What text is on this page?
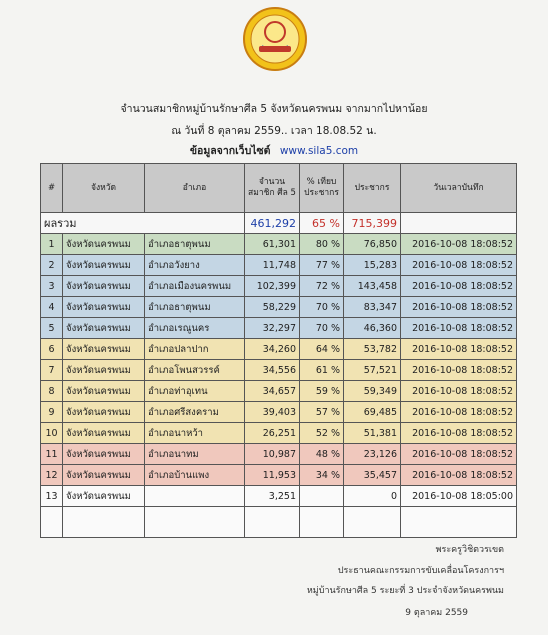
จำนวนสมาชิกหมู่บ้านรักษาศีล 5 จังหวัดนครพนม จากมากไปหาน้อย
ณ วันที่ 8 ตุลาคม 2559.. เวลา 18.08.52 น.
ข้อมูลจากเว็บไซต์ www.sila5.com
#	จังหวัด	อำเภอ	จำนวนสมาชิก ศีล 5	% เทียบประชากร	ประชากร	วันเวลาบันทึก
ผลรวม			461,292	65 %	715,399	
1	จังหวัดนครพนม	อำเภอธาตุพนม	61,301	80 %	76,850	2016-10-08 18:08:52
2	จังหวัดนครพนม	อำเภอวังยาง	11,748	77 %	15,283	2016-10-08 18:08:52
3	จังหวัดนครพนม	อำเภอเมืองนครพนม	102,399	72 %	143,458	2016-10-08 18:08:52
4	จังหวัดนครพนม	อำเภอธาตุพนม	58,229	70 %	83,347	2016-10-08 18:08:52
5	จังหวัดนครพนม	อำเภอเรณูนคร	32,297	70 %	46,360	2016-10-08 18:08:52
6	จังหวัดนครพนม	อำเภอปลาปาก	34,260	64 %	53,782	2016-10-08 18:08:52
7	จังหวัดนครพนม	อำเภอโพนสวรรค์	34,556	61 %	57,521	2016-10-08 18:08:52
8	จังหวัดนครพนม	อำเภอท่าอุเทน	34,657	59 %	59,349	2016-10-08 18:08:52
9	จังหวัดนครพนม	อำเภอศรีสงคราม	39,403	57 %	69,485	2016-10-08 18:08:52
10	จังหวัดนครพนม	อำเภอนาหว้า	26,251	52 %	51,381	2016-10-08 18:08:52
11	จังหวัดนครพนม	อำเภอนาทม	10,987	48 %	23,126	2016-10-08 18:08:52
12	จังหวัดนครพนม	อำเภอบ้านแพง	11,953	34 %	35,457	2016-10-08 18:08:52
13	จังหวัดนครพนม		3,251		0	2016-10-08 18:05:00

พระครูวิชิตวรเขต
ประธานคณะกรรมการขับเคลื่อนโครงการฯ
หมู่บ้านรักษาศีล 5 ระยะที่ 3 ประจำจังหวัดนครพนม
9 ตุลาคม 2559
